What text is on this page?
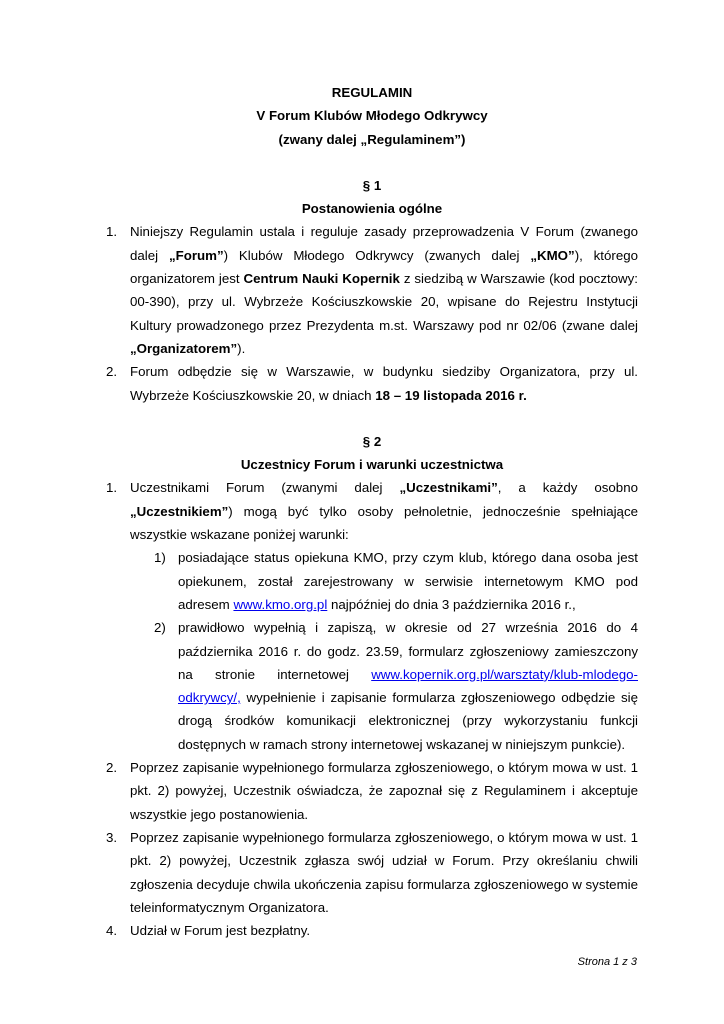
REGULAMIN
V Forum Klubów Młodego Odkrywcy
(zwany dalej „Regulaminem”)
§ 1
Postanowienia ogólne
1. Niniejszy Regulamin ustala i reguluje zasady przeprowadzenia V Forum (zwanego dalej „Forum”) Klubów Młodego Odkrywcy (zwanych dalej „KMO”), którego organizatorem jest Centrum Nauki Kopernik z siedzibą w Warszawie (kod pocztowy: 00-390), przy ul. Wybrzeże Kościuszkowskie 20, wpisane do Rejestru Instytucji Kultury prowadzonego przez Prezydenta m.st. Warszawy pod nr 02/06 (zwane dalej „Organizatorem”).
2. Forum odbędzie się w Warszawie, w budynku siedziby Organizatora, przy ul. Wybrzeże Kościuszkowskie 20, w dniach 18 – 19 listopada 2016 r.
§ 2
Uczestnicy Forum i warunki uczestnictwa
1. Uczestnikami Forum (zwanymi dalej „Uczestnikami”, a każdy osobno „Uczestnikiem”) mogą być tylko osoby pełnoletnie, jednocześnie spełniające wszystkie wskazane poniżej warunki:
1) posiadające status opiekuna KMO, przy czym klub, którego dana osoba jest opiekunem, został zarejestrowany w serwisie internetowym KMO pod adresem www.kmo.org.pl najpóźniej do dnia 3 października 2016 r.,
2) prawidłowo wypełnią i zapiszą, w okresie od 27 września 2016 do 4 października 2016 r. do godz. 23.59, formularz zgłoszeniowy zamieszczony na stronie internetowej www.kopernik.org.pl/warsztaty/klub-mlodego-odkrywcy/, wypełnienie i zapisanie formularza zgłoszeniowego odbędzie się drogą środków komunikacji elektronicznej (przy wykorzystaniu funkcji dostępnych w ramach strony internetowej wskazanej w niniejszym punkcie).
2. Poprzez zapisanie wypełnionego formularza zgłoszeniowego, o którym mowa w ust. 1 pkt. 2) powyżej, Uczestnik oświadcza, że zapoznał się z Regulaminem i akceptuje wszystkie jego postanowienia.
3. Poprzez zapisanie wypełnionego formularza zgłoszeniowego, o którym mowa w ust. 1 pkt. 2) powyżej, Uczestnik zgłasza swój udział w Forum. Przy określaniu chwili zgłoszenia decyduje chwila ukończenia zapisu formularza zgłoszeniowego w systemie teleinformatycznym Organizatora.
4. Udział w Forum jest bezpłatny.
Strona 1 z 3
